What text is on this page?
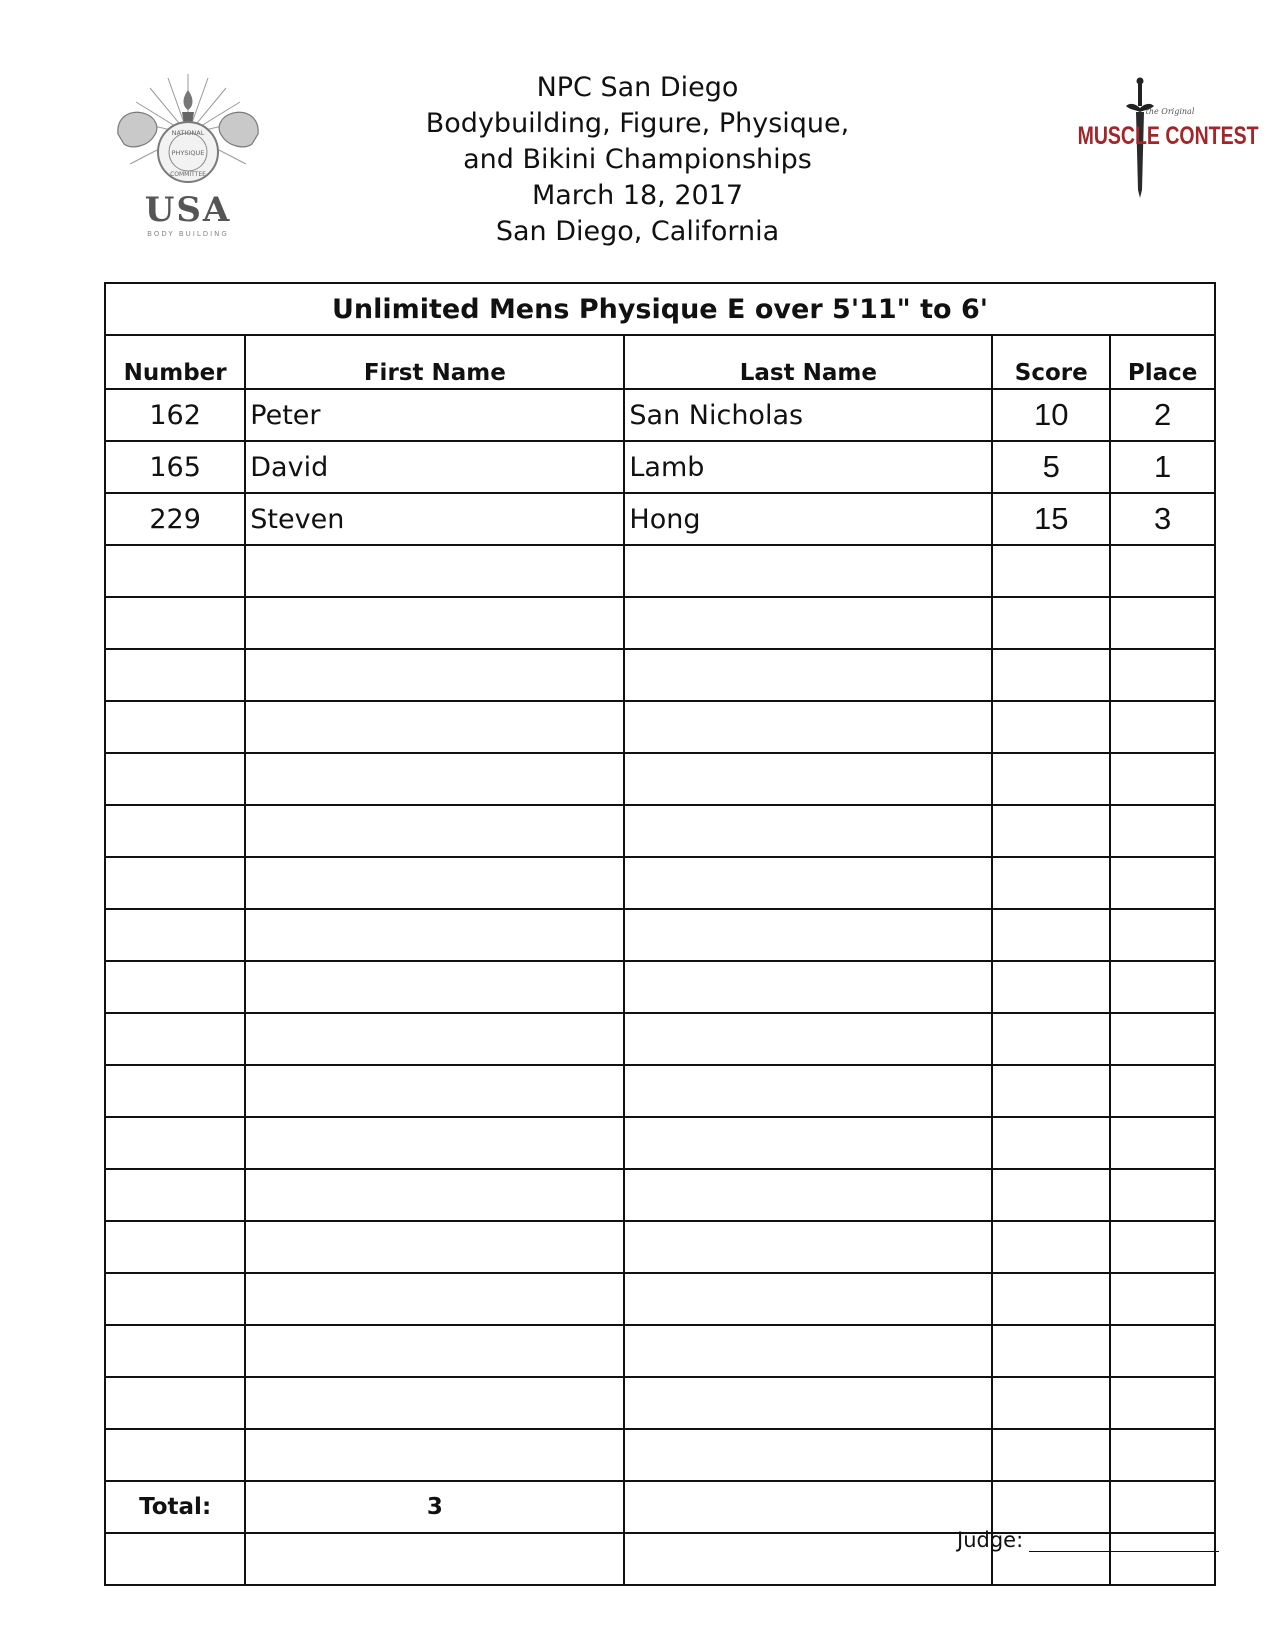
NPC San Diego
Bodybuilding, Figure, Physique,
and Bikini Championships
March 18, 2017
San Diego, California
NATIONAL
PHYSIQUE
COMMITTEE
USA
BODY BUILDING
the Original
MUSCLE CONTEST
Unlimited Mens Physique E over 5'11" to 6'				
Number	First Name	Last Name	Score	Place
162	Peter	San Nicholas	10	2
165	David	Lamb	5	1
229	Steven	Hong	15	3

Total:	3			

Judge:
